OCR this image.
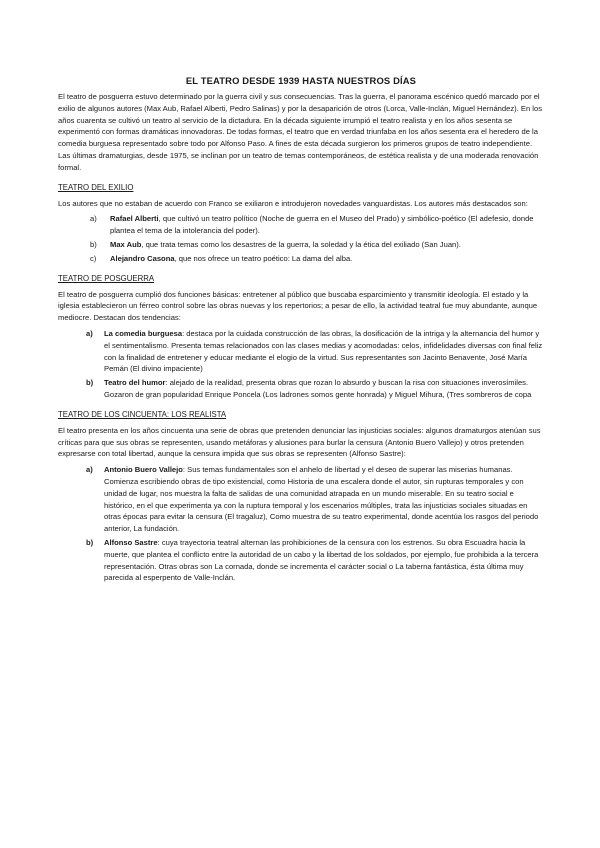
EL TEATRO DESDE 1939 HASTA NUESTROS DÍAS

El teatro de posguerra estuvo determinado por la guerra civil y sus consecuencias. Tras la guerra, el panorama escénico quedó marcado por el exilio de algunos autores (Max Aub, Rafael Alberti, Pedro Salinas) y por la desaparición de otros (Lorca, Valle-Inclán, Miguel Hernández). En los años cuarenta se cultivó un teatro al servicio de la dictadura. En la década siguiente irrumpió el teatro realista y en los años sesenta se experimentó con formas dramáticas innovadoras. De todas formas, el teatro que en verdad triunfaba en los años sesenta era el heredero de la comedia burguesa representado sobre todo por Alfonso Paso. A fines de esta década surgieron los primeros grupos de teatro independiente. Las últimas dramaturgias, desde 1975, se inclinan por un teatro de temas contemporáneos, de estética realista y de una moderada renovación formal.

TEATRO DEL EXILIO

Los autores que no estaban de acuerdo con Franco se exiliaron e introdujeron novedades vanguardistas. Los autores más destacados son:

a)	Rafael Alberti, que cultivó un teatro político (Noche de guerra en el Museo del Prado) y simbólico-poético (El adefesio, donde plantea el tema de la intolerancia del poder).
b)	Max Aub, que trata temas como los desastres de la guerra, la soledad y la ética del exiliado (San Juan).
c)	Alejandro Casona, que nos ofrece un teatro poético: La dama del alba.
TEATRO DE POSGUERRA

El teatro de posguerra cumplió dos funciones básicas: entretener al público que buscaba esparcimiento y transmitir ideología. El estado y la iglesia establecieron un férreo control sobre las obras nuevas y los repertorios; a pesar de ello, la actividad teatral fue muy abundante, aunque mediocre. Destacan dos tendencias:

a)	La comedia burguesa: destaca por la cuidada construcción de las obras, la dosificación de la intriga y la alternancia del humor y el sentimentalismo. Presenta temas relacionados con las clases medias y acomodadas: celos, infidelidades diversas con final feliz con la finalidad de entretener y educar mediante el elogio de la virtud. Sus representantes son Jacinto Benavente, José María Pemán (El divino impaciente)
b)	Teatro del humor: alejado de la realidad, presenta obras que rozan lo absurdo y buscan la risa con situaciones inverosímiles. Gozaron de gran popularidad Enrique Poncela (Los ladrones somos gente honrada) y Miguel Mihura, (Tres sombreros de copa
TEATRO DE LOS CINCUENTA: LOS REALISTA

El teatro presenta en los años cincuenta una serie de obras que pretenden denunciar las injusticias sociales: algunos dramaturgos atenúan sus críticas para que sus obras se representen, usando metáforas y alusiones para burlar la censura (Antonio Buero Vallejo) y otros pretenden expresarse con total libertad, aunque la censura impida que sus obras se representen (Alfonso Sastre):

a)	Antonio Buero Vallejo: Sus temas fundamentales son el anhelo de libertad y el deseo de superar las miserias humanas. Comienza escribiendo obras de tipo existencial, como Historia de una escalera donde el autor, sin rupturas temporales y con unidad de lugar, nos muestra la falta de salidas de una comunidad atrapada en un mundo miserable. En su teatro social e histórico, en el que experimenta ya con la ruptura temporal y los escenarios múltiples, trata las injusticias sociales situadas en otras épocas para evitar la censura (El tragaluz), Como muestra de su teatro experimental, donde acentúa los rasgos del periodo anterior, La fundación.
b)	Alfonso Sastre: cuya trayectoria teatral alternan las prohibiciones de la censura con los estrenos. Su obra Escuadra hacia la muerte, que plantea el conflicto entre la autoridad de un cabo y la libertad de los soldados, por ejemplo, fue prohibida a la tercera representación. Otras obras son La cornada, donde se incrementa el carácter social o La taberna fantástica, ésta última muy parecida al esperpento de Valle-Inclán.
